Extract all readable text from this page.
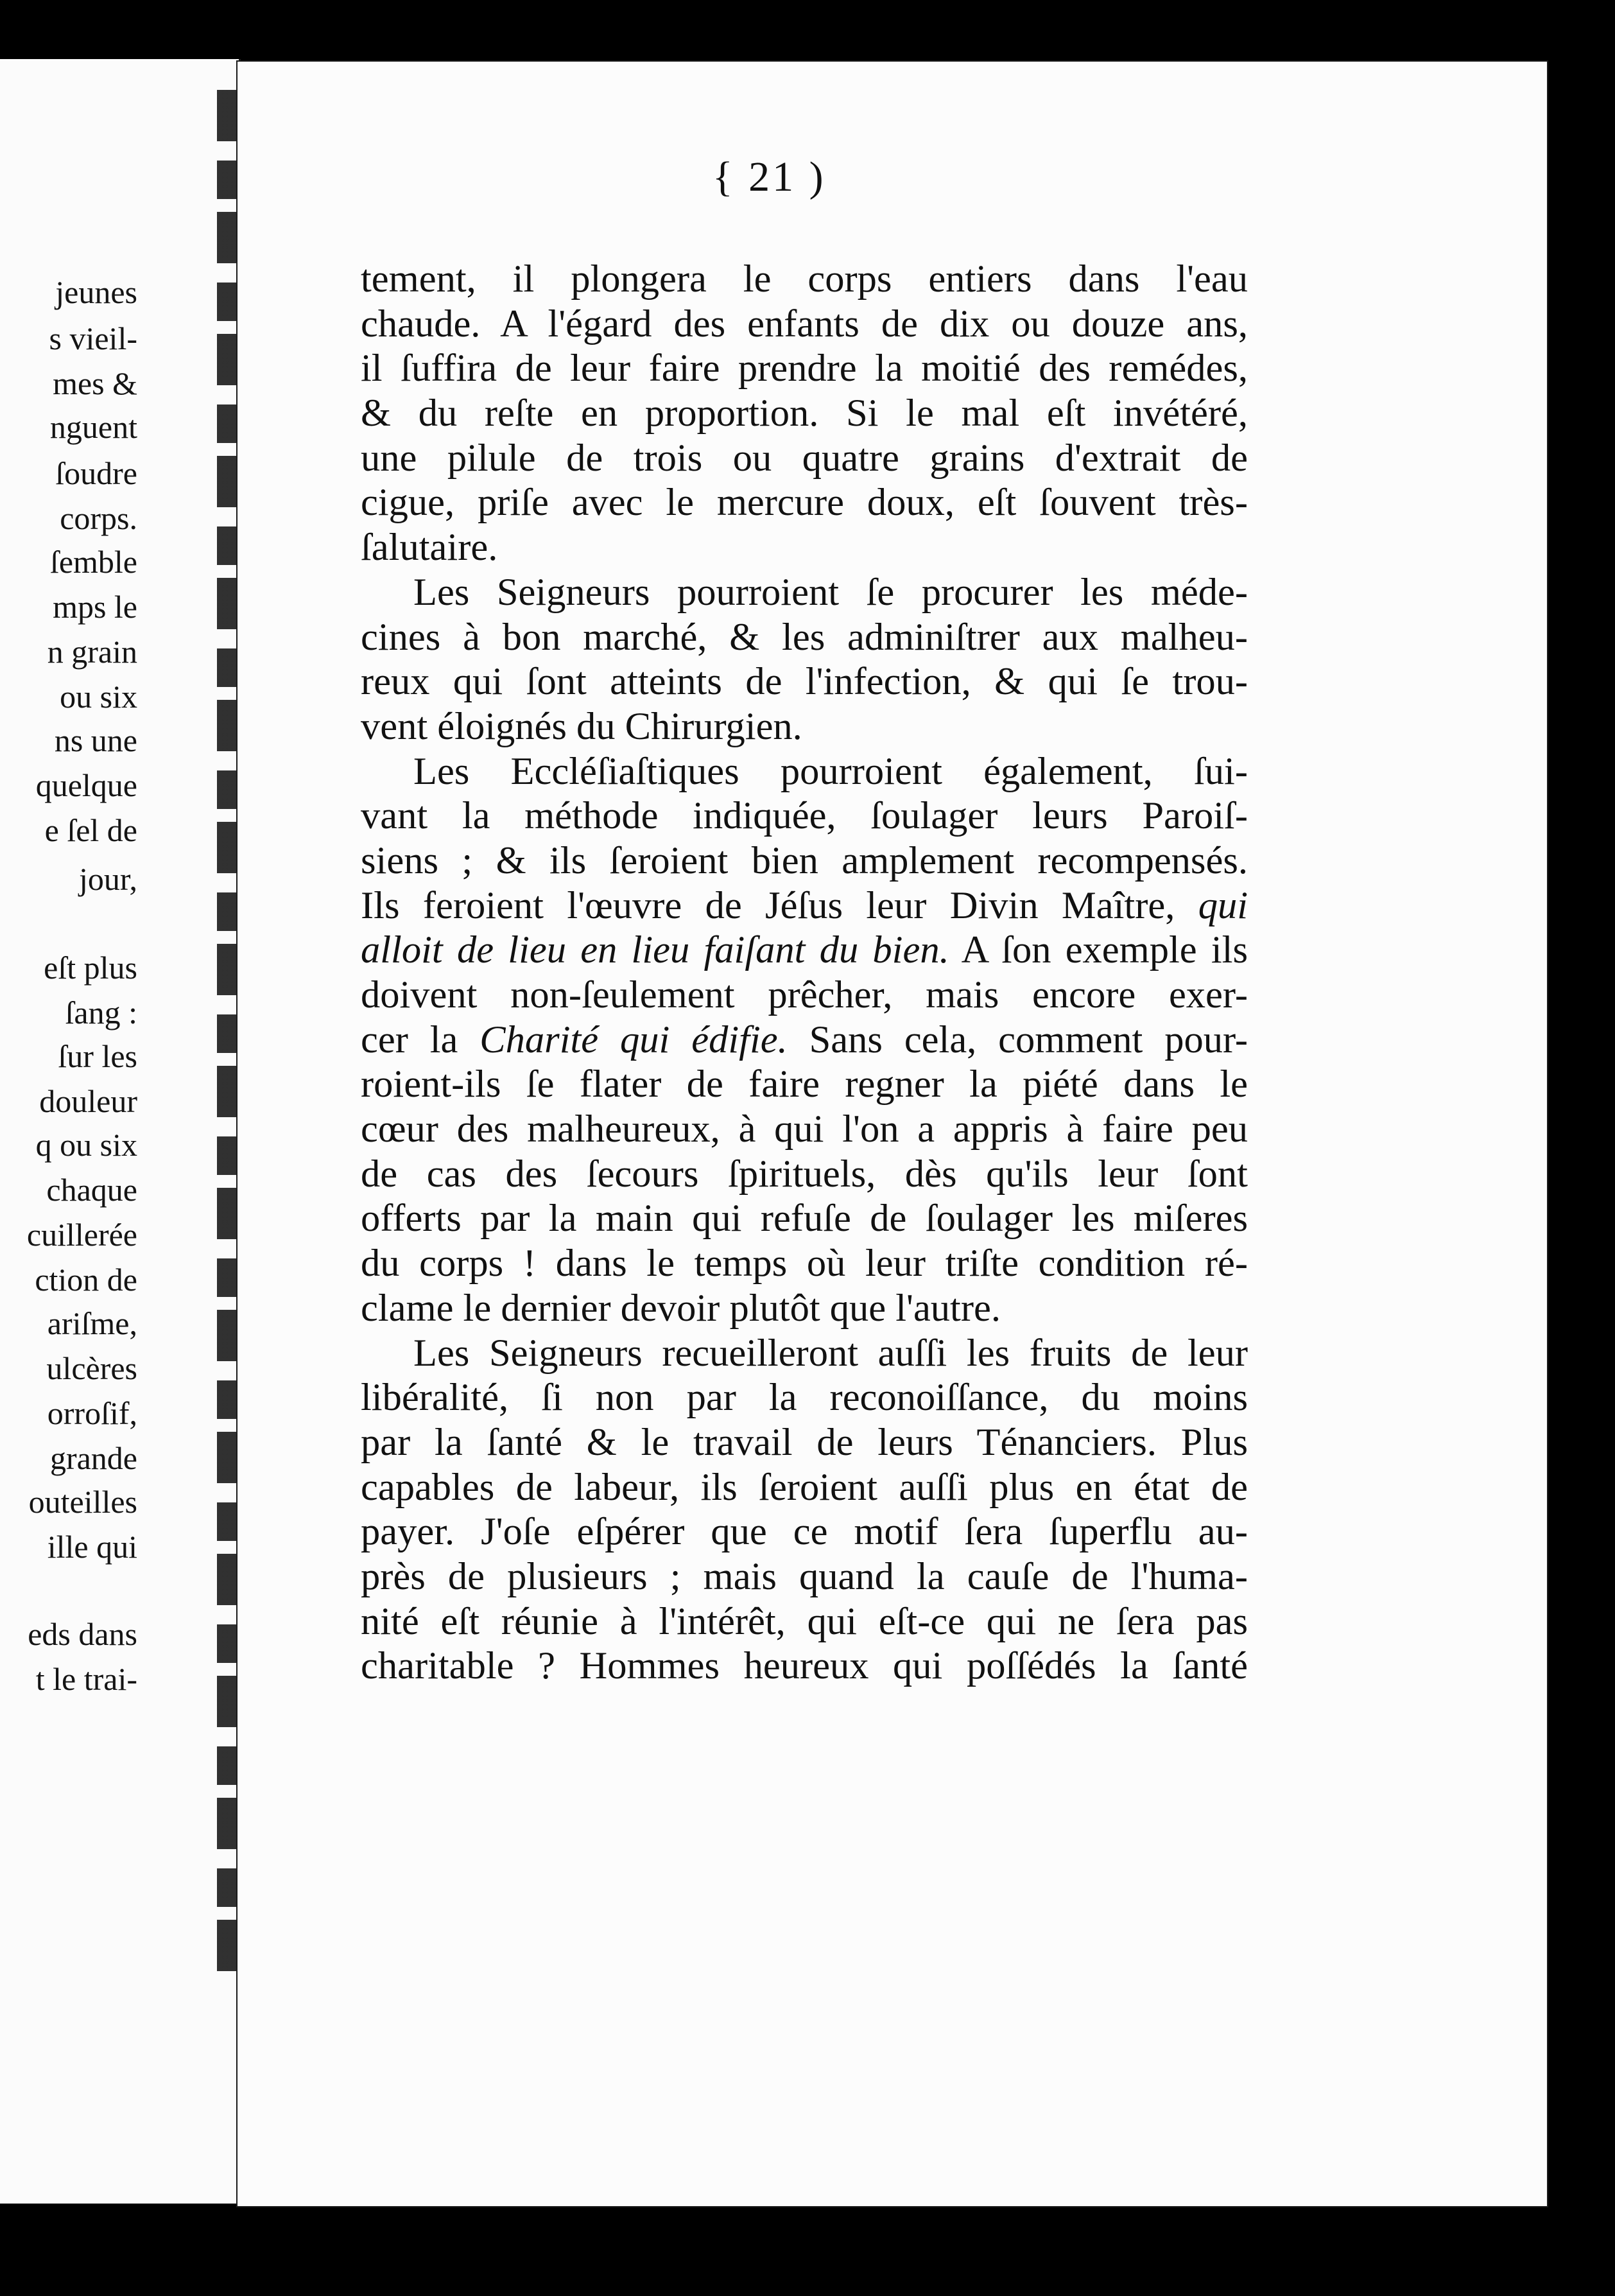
jeunes
s vieil-
mes &
nguent
ſoudre
corps.
ſemble
mps le
n grain
ou six
ns une
quelque
e ſel de
jour,
eſt plus
ſang :
ſur les
douleur
q ou six
chaque
cuillerée
ction de
ariſme,
ulcères
orroſif,
grande
outeilles
ille qui
eds dans
t le trai-
{ 21 )
tement, il plongera le corps entiers dans l'eau
chaude. A l'égard des enfants de dix ou douze ans,
il ſuffira de leur faire prendre la moitié des remédes,
& du reſte en proportion. Si le mal eſt invétéré,
une pilule de trois ou quatre grains d'extrait de
cigue, priſe avec le mercure doux, eſt ſouvent très-
ſalutaire.
Les Seigneurs pourroient ſe procurer les méde-
cines à bon marché, & les adminiſtrer aux malheu-
reux qui ſont atteints de l'infection, & qui ſe trou-
vent éloignés du Chirurgien.
Les Eccléſiaſtiques pourroient également, ſui-
vant la méthode indiquée, ſoulager leurs Paroiſ-
siens ; & ils ſeroient bien amplement recompensés.
Ils feroient l'œuvre de Jéſus leur Divin Maître, qui
alloit de lieu en lieu faiſant du bien. A ſon exemple ils
doivent non-ſeulement prêcher, mais encore exer-
cer la Charité qui édifie. Sans cela, comment pour-
roient-ils ſe flater de faire regner la piété dans le
cœur des malheureux, à qui l'on a appris à faire peu
de cas des ſecours ſpirituels, dès qu'ils leur ſont
offerts par la main qui refuſe de ſoulager les miſeres
du corps ! dans le temps où leur triſte condition ré-
clame le dernier devoir plutôt que l'autre.
Les Seigneurs recueilleront auſſi les fruits de leur
libéralité, ſi non par la reconoiſſance, du moins
par la ſanté & le travail de leurs Ténanciers. Plus
capables de labeur, ils ſeroient auſſi plus en état de
payer. J'oſe eſpérer que ce motif ſera ſuperflu au-
près de plusieurs ; mais quand la cauſe de l'huma-
nité eſt réunie à l'intérêt, qui eſt-ce qui ne ſera pas
charitable ? Hommes heureux qui poſſédés la ſanté
